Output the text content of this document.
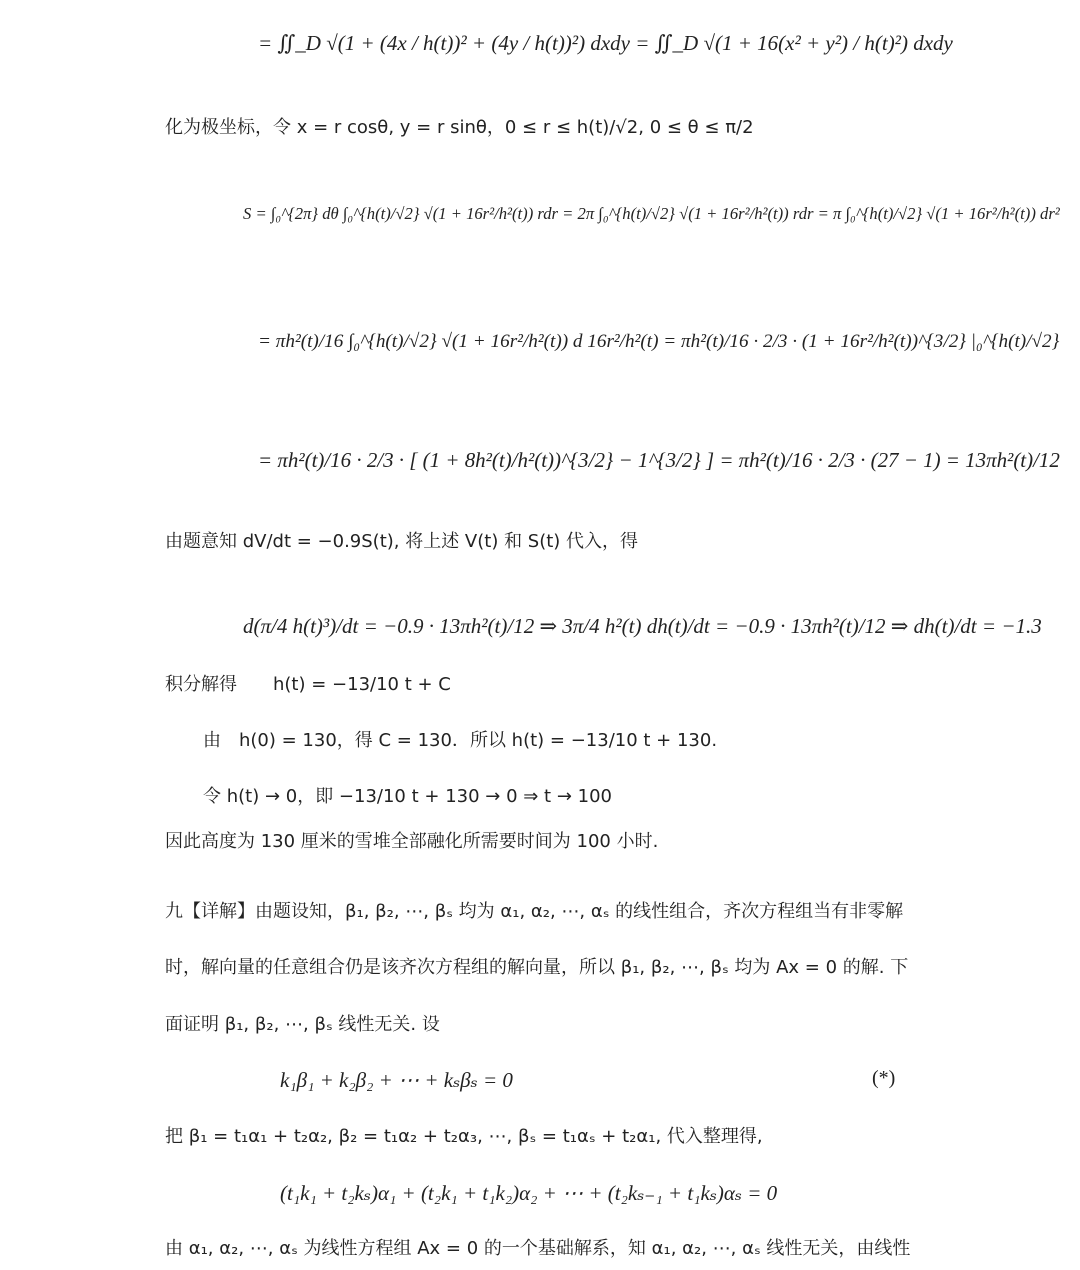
= ∬_D √(1 + (4x / h(t))² + (4y / h(t))²) dxdy = ∬_D √(1 + 16(x² + y²) / h(t)²) dxdy
化为极坐标，令 x = r cosθ, y = r sinθ，0 ≤ r ≤ h(t)/√2, 0 ≤ θ ≤ π/2
S = ∫₀^{2π} dθ ∫₀^{h(t)/√2} √(1 + 16r²/h²(t)) rdr = 2π ∫₀^{h(t)/√2} √(1 + 16r²/h²(t)) rdr = π ∫₀^{h(t)/√2} √(1 + 16r²/h²(t)) dr²
= πh²(t)/16 ∫₀^{h(t)/√2} √(1 + 16r²/h²(t)) d 16r²/h²(t) = πh²(t)/16 · 2/3 · (1 + 16r²/h²(t))^{3/2} |₀^{h(t)/√2}
= πh²(t)/16 · 2/3 · [ (1 + 8h²(t)/h²(t))^{3/2} − 1^{3/2} ] = πh²(t)/16 · 2/3 · (27 − 1) = 13πh²(t)/12
由题意知 dV/dt = −0.9S(t), 将上述 V(t) 和 S(t) 代入，得
d(π/4 h(t)³)/dt = −0.9 · 13πh²(t)/12 ⇒ 3π/4 h²(t) dh(t)/dt = −0.9 · 13πh²(t)/12 ⇒ dh(t)/dt = −1.3
积分解得　　h(t) = −13/10 t + C
由　h(0) = 130，得 C = 130．所以 h(t) = −13/10 t + 130.
令 h(t) → 0，即 −13/10 t + 130 → 0 ⇒ t → 100
因此高度为 130 厘米的雪堆全部融化所需要时间为 100 小时.
九【详解】由题设知，β₁, β₂, ⋯, βₛ 均为 α₁, α₂, ⋯, αₛ 的线性组合，齐次方程组当有非零解
时，解向量的任意组合仍是该齐次方程组的解向量，所以 β₁, β₂, ⋯, βₛ 均为 Ax = 0 的解. 下
面证明 β₁, β₂, ⋯, βₛ 线性无关. 设
k₁β₁ + k₂β₂ + ⋯ + kₛβₛ = 0	(*)
把 β₁ = t₁α₁ + t₂α₂, β₂ = t₁α₂ + t₂α₃, ⋯, βₛ = t₁αₛ + t₂α₁, 代入整理得,
(t₁k₁ + t₂kₛ)α₁ + (t₂k₁ + t₁k₂)α₂ + ⋯ + (t₂kₛ₋₁ + t₁kₛ)αₛ = 0
由 α₁, α₂, ⋯, αₛ 为线性方程组 Ax = 0 的一个基础解系，知 α₁, α₂, ⋯, αₛ 线性无关，由线性
